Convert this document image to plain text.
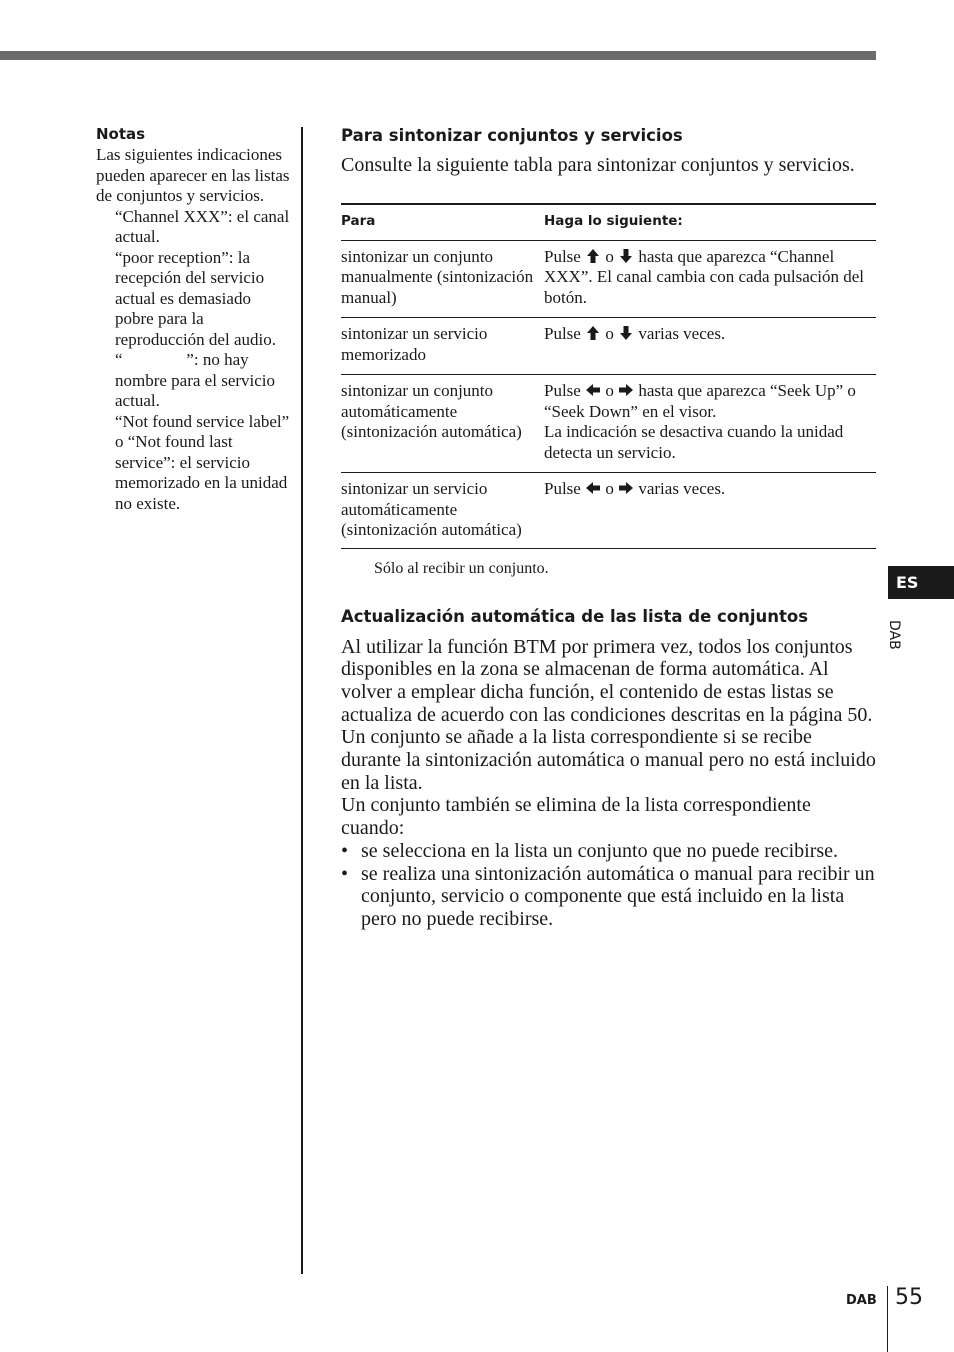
Notas
Las siguientes indicaciones pueden aparecer en las listas de conjuntos y servicios.
“Channel XXX”: el canal actual.
“poor reception”: la recepción del servicio actual es demasiado pobre para la reproducción del audio.
“               ”: no hay nombre para el servicio actual.
“Not found service label” o “Not found last service”: el servicio memorizado en la unidad no existe.
Para sintonizar conjuntos y servicios
Consulte la siguiente tabla para sintonizar conjuntos y servicios.
Para	Haga lo siguiente:
sintonizar un conjunto manualmente (sintonización manual)	Pulse o hasta que aparezca “Channel XXX”. El canal cambia con cada pulsación del botón.
sintonizar un servicio memorizado	Pulse o varias veces.
sintonizar un conjunto automáticamente (sintonización automática)	Pulse o hasta que aparezca “Seek Up” o “Seek Down” en el visor.
La indicación se desactiva cuando la unidad detecta un servicio.
sintonizar un servicio automáticamente (sintonización automática)	Pulse o varias veces.
Sólo al recibir un conjunto.
Actualización automática de las lista de conjuntos

Al utilizar la función BTM por primera vez, todos los conjuntos disponibles en la zona se almacenan de forma automática. Al volver a emplear dicha función, el contenido de estas listas se actualiza de acuerdo con las condiciones descritas en la página 50.

Un conjunto se añade a la lista correspondiente si se recibe durante la sintonización automática o manual pero no está incluido en la lista.

Un conjunto también se elimina de la lista correspondiente cuando:

• se selecciona en la lista un conjunto que no puede recibirse.
• se realiza una sintonización automática o manual para recibir un conjunto, servicio o componente que está incluido en la lista pero no puede recibirse.
ES
DAB
DAB 55
